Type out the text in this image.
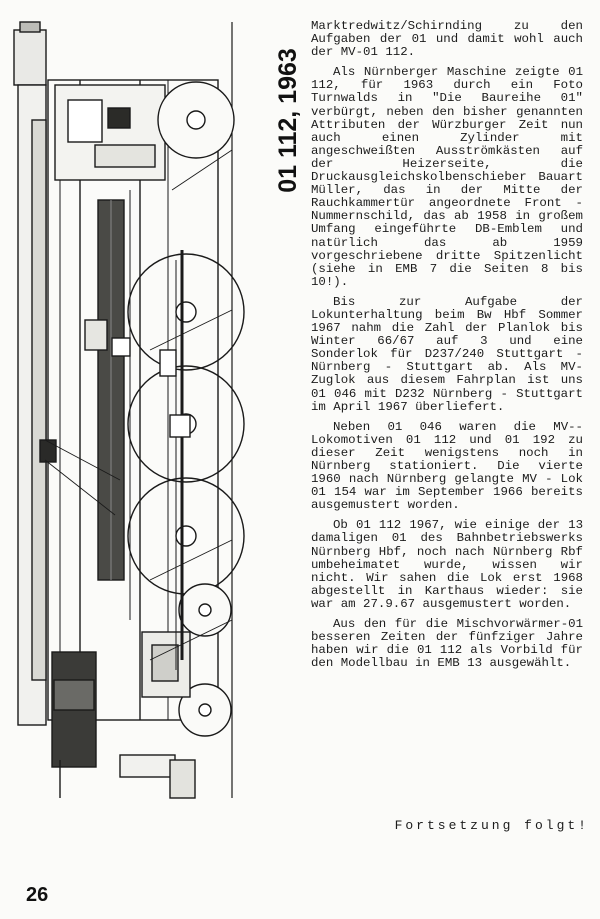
01 112, 1963

Marktredwitz/Schirnding zu den Aufgaben der 01 und damit wohl auch der MV-01 112.

Als Nürnberger Maschine zeigte 01 112, für 1963 durch ein Foto Turnwalds in "Die Baureihe 01" verbürgt, neben den bisher genannten Attributen der Würzburger Zeit nun auch einen Zylinder mit angeschweißten Ausströmkästen auf der Heizerseite, die Druckausgleichskolbenschieber Bauart Müller, das in der Mitte der Rauchkammertür angeordnete Front - Nummernschild, das ab 1958 in großem Umfang eingeführte DB-Emblem und natürlich das ab 1959 vorgeschriebene dritte Spitzenlicht (siehe in EMB 7 die Seiten 8 bis 10!).

Bis zur Aufgabe der Lokunterhaltung beim Bw Hbf Sommer 1967 nahm die Zahl der Planlok bis Winter 66/67 auf 3 und eine Sonderlok für D237/240 Stuttgart - Nürnberg - Stuttgart ab. Als MV-Zuglok aus diesem Fahrplan ist uns 01 046 mit D232 Nürnberg - Stuttgart im April 1967 überliefert.

Neben 01 046 waren die MV--Lokomotiven 01 112 und 01 192 zu dieser Zeit wenigstens noch in Nürnberg stationiert. Die vierte 1960 nach Nürnberg gelangte MV - Lok 01 154 war im September 1966 bereits ausgemustert worden.

Ob 01 112 1967, wie einige der 13 damaligen 01 des Bahnbetriebswerks Nürnberg Hbf, noch nach Nürnberg Rbf umbeheimatet wurde, wissen wir nicht. Wir sahen die Lok erst 1968 abgestellt in Karthaus wieder: sie war am 27.9.67 ausgemustert worden.

Aus den für die Mischvorwärmer-01 besseren Zeiten der fünfziger Jahre haben wir die 01 112 als Vorbild für den Modellbau in EMB 13 ausgewählt.

Fortsetzung folgt!
26
